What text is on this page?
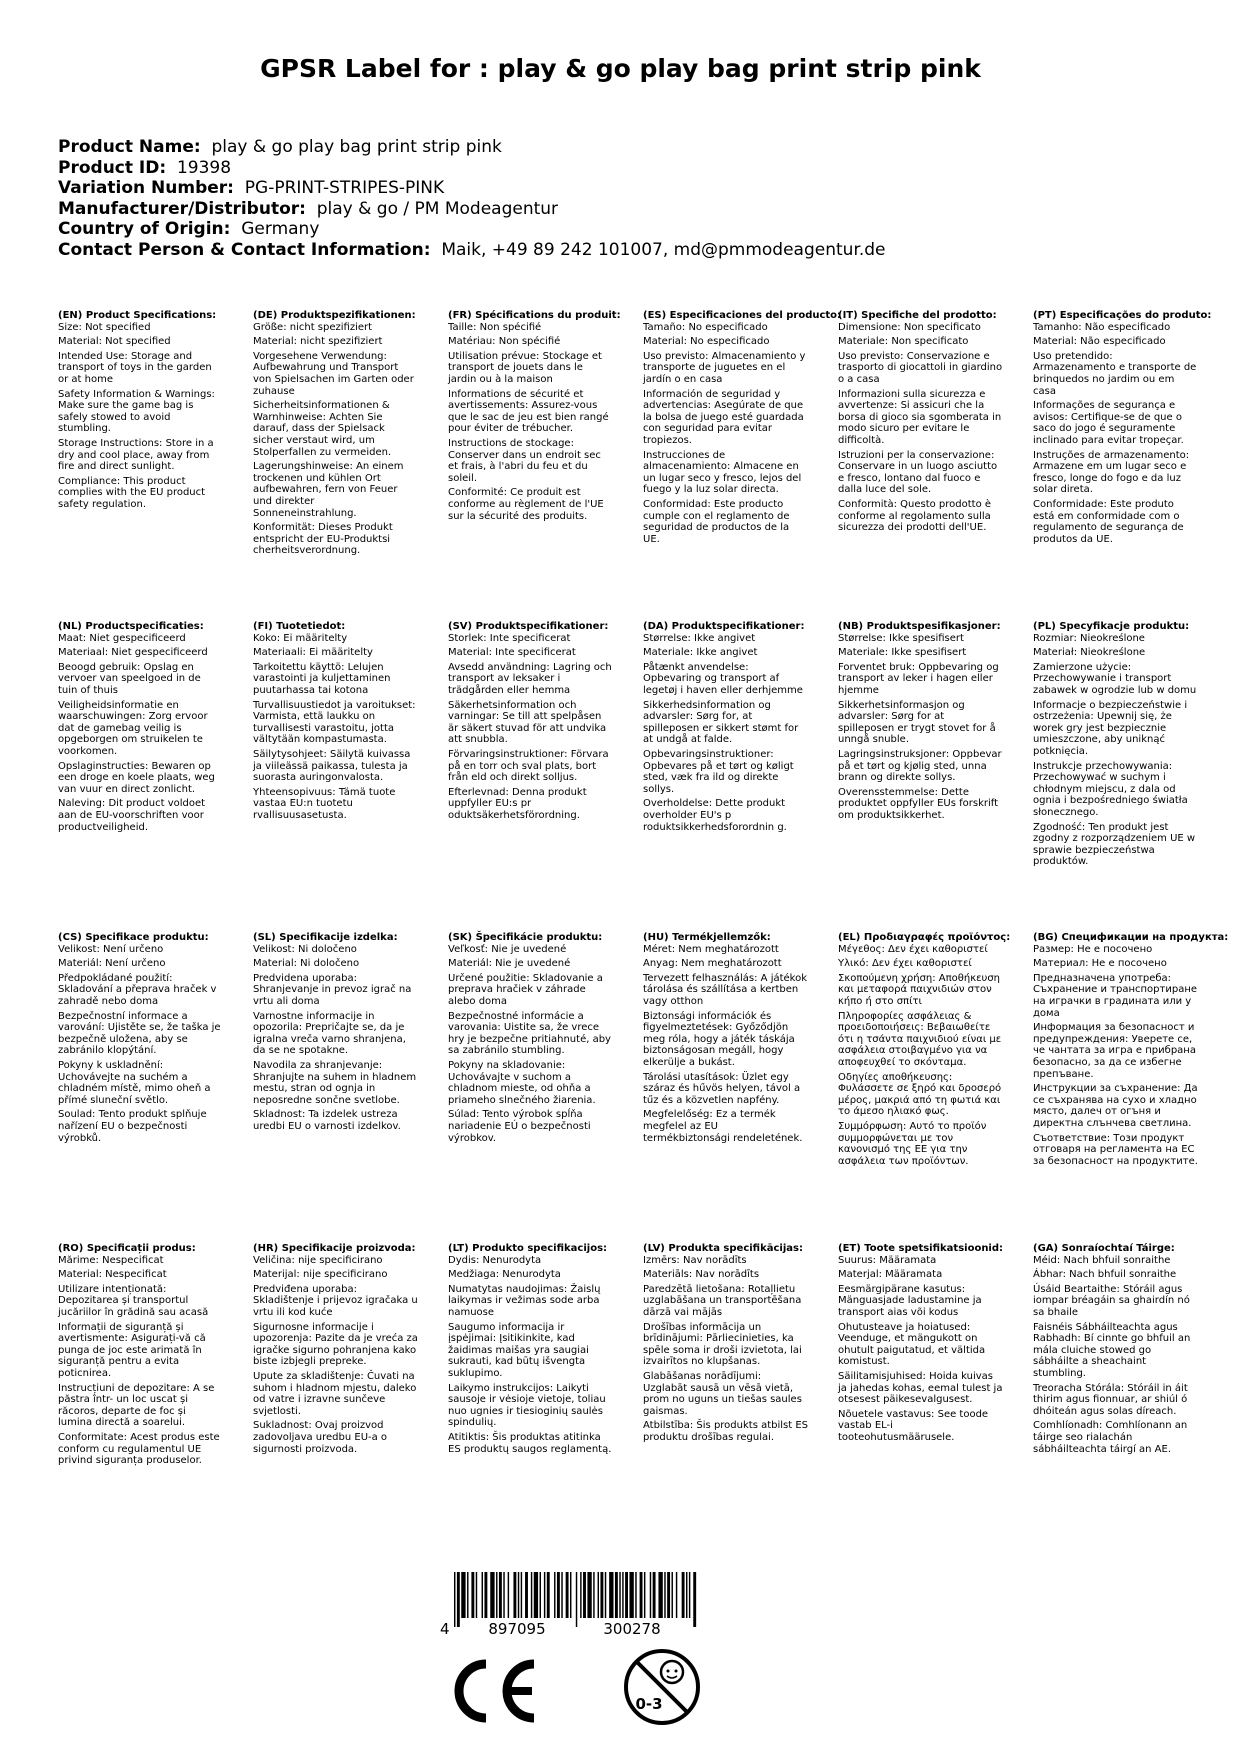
GPSR Label for : play & go play bag print strip pink
Product Name: play & go play bag print strip pink
Product ID: 19398
Variation Number: PG-PRINT-STRIPES-PINK
Manufacturer/Distributor: play & go / PM Modeagentur
Country of Origin: Germany
Contact Person & Contact Information: Maik, +49 89 242 101007, md@pmmodeagentur.de
(EN) Product Specifications:
Size: Not specified
Material: Not specified
Intended Use: Storage and transport of toys in the garden or at home
Safety Information & Warnings: Make sure the game bag is safely stowed to avoid stumbling.
Storage Instructions: Store in a dry and cool place, away from fire and direct sunlight.
Compliance: This product complies with the EU product safety regulation.
(DE) Produktspezifikationen:
Größe: nicht spezifiziert
Material: nicht spezifiziert
Vorgesehene Verwendung: Aufbewahrung und Transport von Spielsachen im Garten oder zuhause
Sicherheitsinformationen & Warnhinweise: Achten Sie darauf, dass der Spielsack sicher verstaut wird, um Stolperfallen zu vermeiden.
Lagerungshinweise: An einem trockenen und kühlen Ort aufbewahren, fern von Feuer und direkter Sonneneinstrahlung.
Konformität: Dieses Produkt entspricht der EU-Produktsi cherheitsverordnung.
(FR) Spécifications du produit:
Taille: Non spécifié
Matériau: Non spécifié
Utilisation prévue: Stockage et transport de jouets dans le jardin ou à la maison
Informations de sécurité et avertissements: Assurez-vous que le sac de jeu est bien rangé pour éviter de trébucher.
Instructions de stockage: Conserver dans un endroit sec et frais, à l'abri du feu et du soleil.
Conformité: Ce produit est conforme au règlement de l'UE sur la sécurité des produits.
(ES) Especificaciones del producto:
Tamaño: No especificado
Material: No especificado
Uso previsto: Almacenamiento y transporte de juguetes en el jardín o en casa
Información de seguridad y advertencias: Asegúrate de que la bolsa de juego esté guardada con seguridad para evitar tropiezos.
Instrucciones de almacenamiento: Almacene en un lugar seco y fresco, lejos del fuego y la luz solar directa.
Conformidad: Este producto cumple con el reglamento de seguridad de productos de la UE.
(IT) Specifiche del prodotto:
Dimensione: Non specificato
Materiale: Non specificato
Uso previsto: Conservazione e trasporto di giocattoli in giardino o a casa
Informazioni sulla sicurezza e avvertenze: Si assicuri che la borsa di gioco sia sgomberata in modo sicuro per evitare le difficoltà.
Istruzioni per la conservazione: Conservare in un luogo asciutto e fresco, lontano dal fuoco e dalla luce del sole.
Conformità: Questo prodotto è conforme al regolamento sulla sicurezza dei prodotti dell'UE.
(PT) Especificações do produto:
Tamanho: Não especificado
Material: Não especificado
Uso pretendido: Armazenamento e transporte de brinquedos no jardim ou em casa
Informações de segurança e avisos: Certifique-se de que o saco do jogo é seguramente inclinado para evitar tropeçar.
Instruções de armazenamento: Armazene em um lugar seco e fresco, longe do fogo e da luz solar direta.
Conformidade: Este produto está em conformidade com o regulamento de segurança de produtos da UE.
(NL) Productspecificaties:
Maat: Niet gespecificeerd
Materiaal: Niet gespecificeerd
Beoogd gebruik: Opslag en vervoer van speelgoed in de tuin of thuis
Veiligheidsinformatie en waarschuwingen: Zorg ervoor dat de gamebag veilig is opgeborgen om struikelen te voorkomen.
Opslaginstructies: Bewaren op een droge en koele plaats, weg van vuur en direct zonlicht.
Naleving: Dit product voldoet aan de EU-voorschriften voor productveiligheid.
(FI) Tuotetiedot:
Koko: Ei määritelty
Materiaali: Ei määritelty
Tarkoitettu käyttö: Lelujen varastointi ja kuljettaminen puutarhassa tai kotona
Turvallisuustiedot ja varoitukset: Varmista, että laukku on turvallisesti varastoitu, jotta vältytään kompastumasta.
Säilytysohjeet: Säilytä kuivassa ja viileässä paikassa, tulesta ja suorasta auringonvalosta.
Yhteensopivuus: Tämä tuote vastaa EU:n tuotetu rvallisuusasetusta.
(SV) Produktspecifikationer:
Storlek: Inte specificerat
Material: Inte specificerat
Avsedd användning: Lagring och transport av leksaker i trädgården eller hemma
Säkerhetsinformation och varningar: Se till att spelpåsen är säkert stuvad för att undvika att snubbla.
Förvaringsinstruktioner: Förvara på en torr och sval plats, bort från eld och direkt solljus.
Efterlevnad: Denna produkt uppfyller EU:s pr oduktsäkerhetsförordning.
(DA) Produktspecifikationer:
Størrelse: Ikke angivet
Materiale: Ikke angivet
Påtænkt anvendelse: Opbevaring og transport af legetøj i haven eller derhjemme
Sikkerhedsinformation og advarsler: Sørg for, at spilleposen er sikkert stømt for at undgå at falde.
Opbevaringsinstruktioner: Opbevares på et tørt og køligt sted, væk fra ild og direkte sollys.
Overholdelse: Dette produkt overholder EU's p roduktsikkerhedsforordnin g.
(NB) Produktspesifikasjoner:
Størrelse: Ikke spesifisert
Materiale: Ikke spesifisert
Forventet bruk: Oppbevaring og transport av leker i hagen eller hjemme
Sikkerhetsinformasjon og advarsler: Sørg for at spilleposen er trygt stovet for å unngå snuble.
Lagringsinstruksjoner: Oppbevar på et tørt og kjølig sted, unna brann og direkte sollys.
Overensstemmelse: Dette produktet oppfyller EUs forskrift om produktsikkerhet.
(PL) Specyfikacje produktu:
Rozmiar: Nieokreślone
Materiał: Nieokreślone
Zamierzone użycie: Przechowywanie i transport zabawek w ogrodzie lub w domu
Informacje o bezpieczeństwie i ostrzeżenia: Upewnij się, że worek gry jest bezpiecznie umieszczone, aby uniknąć potknięcia.
Instrukcje przechowywania: Przechowywać w suchym i chłodnym miejscu, z dala od ognia i bezpośredniego światła słonecznego.
Zgodność: Ten produkt jest zgodny z rozporządzeniem UE w sprawie bezpieczeństwa produktów.
(CS) Specifikace produktu:
Velikost: Není určeno
Materiál: Není určeno
Předpokládané použití: Skladování a přeprava hraček v zahradě nebo doma
Bezpečnostní informace a varování: Ujistěte se, že taška je bezpečně uložena, aby se zabránilo klopýtání.
Pokyny k uskladnění: Uchovávejte na suchém a chladném místě, mimo oheň a přímé sluneční světlo.
Soulad: Tento produkt splňuje nařízení EU o bezpečnosti výrobků.
(SL) Specifikacije izdelka:
Velikost: Ni določeno
Material: Ni določeno
Predvidena uporaba: Shranjevanje in prevoz igrač na vrtu ali doma
Varnostne informacije in opozorila: Prepričajte se, da je igralna vreča varno shranjena, da se ne spotakne.
Navodila za shranjevanje: Shranjujte na suhem in hladnem mestu, stran od ognja in neposredne sončne svetlobe.
Skladnost: Ta izdelek ustreza uredbi EU o varnosti izdelkov.
(SK) Špecifikácie produktu:
Veľkosť: Nie je uvedené
Materiál: Nie je uvedené
Určené použitie: Skladovanie a preprava hračiek v záhrade alebo doma
Bezpečnostné informácie a varovania: Uistite sa, že vrece hry je bezpečne pritiahnuté, aby sa zabránilo stumbling.
Pokyny na skladovanie: Uchovávajte v suchom a chladnom mieste, od ohňa a priameho slnečného žiarenia.
Súlad: Tento výrobok spĺňa nariadenie EÚ o bezpečnosti výrobkov.
(HU) Termékjellemzők:
Méret: Nem meghatározott
Anyag: Nem meghatározott
Tervezett felhasználás: A játékok tárolása és szállítása a kertben vagy otthon
Biztonsági információk és figyelmeztetések: Győződjön meg róla, hogy a játék táskája biztonságosan megáll, hogy elkerülje a bukást.
Tárolási utasítások: Üzlet egy száraz és hűvös helyen, távol a tűz és a közvetlen napfény.
Megfelelőség: Ez a termék megfelel az EU termékbiztonsági rendeletének.
(EL) Προδιαγραφές προϊόντος:
Μέγεθος: Δεν έχει καθοριστεί
Υλικό: Δεν έχει καθοριστεί
Σκοπούμενη χρήση: Αποθήκευση και μεταφορά παιχνιδιών στον κήπο ή στο σπίτι
Πληροφορίες ασφάλειας & προειδοποιήσεις: Βεβαιωθείτε ότι η τσάντα παιχνιδιού είναι με ασφάλεια στοιβαγμένο για να αποφευχθεί το σκόνταμα.
Οδηγίες αποθήκευσης: Φυλάσσετε σε ξηρό και δροσερό μέρος, μακριά από τη φωτιά και το άμεσο ηλιακό φως.
Συμμόρφωση: Αυτό το προϊόν συμμορφώνεται με τον κανονισμό της ΕΕ για την ασφάλεια των προϊόντων.
(BG) Спецификации на продукта:
Размер: Не е посочено
Материал: Не е посочено
Предназначена употреба: Съхранение и транспортиране на играчки в градината или у дома
Информация за безопасност и предупреждения: Уверете се, че чантата за игра е прибрана безопасно, за да се избегне препъване.
Инструкции за съхранение: Да се съхранява на сухо и хладно място, далеч от огъня и директна слънчева светлина.
Съответствие: Този продукт отговаря на регламента на ЕС за безопасност на продуктите.
(RO) Specificații produs:
Mărime: Nespecificat
Material: Nespecificat
Utilizare intenționată: Depozitarea și transportul jucăriilor în grădină sau acasă
Informații de siguranță și avertismente: Asigurați-vă că punga de joc este arimată în siguranță pentru a evita poticnirea.
Instrucțiuni de depozitare: A se păstra într- un loc uscat și răcoros, departe de foc și lumina directă a soarelui.
Conformitate: Acest produs este conform cu regulamentul UE privind siguranța produselor.
(HR) Specifikacije proizvoda:
Veličina: nije specificirano
Materijal: nije specificirano
Predviđena uporaba: Skladištenje i prijevoz igračaka u vrtu ili kod kuće
Sigurnosne informacije i upozorenja: Pazite da je vreća za igračke sigurno pohranjena kako biste izbjegli prepreke.
Upute za skladištenje: Čuvati na suhom i hladnom mjestu, daleko od vatre i izravne sunčeve svjetlosti.
Sukladnost: Ovaj proizvod zadovoljava uredbu EU-a o sigurnosti proizvoda.
(LT) Produkto specifikacijos:
Dydis: Nenurodyta
Medžiaga: Nenurodyta
Numatytas naudojimas: Žaislų laikymas ir vežimas sode arba namuose
Saugumo informacija ir įspėjimai: Įsitikinkite, kad žaidimas maišas yra saugiai sukrauti, kad būtų išvengta suklupimo.
Laikymo instrukcijos: Laikyti sausoje ir vėsioje vietoje, toliau nuo ugnies ir tiesioginių saulės spindulių.
Atitiktis: Šis produktas atitinka ES produktų saugos reglamentą.
(LV) Produkta specifikācijas:
Izmērs: Nav norādīts
Materiāls: Nav norādīts
Paredzētā lietošana: Rotaļlietu uzglabāšana un transportēšana dārzā vai mājās
Drošības informācija un brīdinājumi: Pārliecinieties, ka spēle soma ir droši izvietota, lai izvairītos no klupšanas.
Glabāšanas norādījumi: Uzglabāt sausā un vēsā vietā, prom no uguns un tiešas saules gaismas.
Atbilstība: Šis produkts atbilst ES produktu drošības regulai.
(ET) Toote spetsifikatsioonid:
Suurus: Määramata
Materjal: Määramata
Eesmärgipärane kasutus: Mänguasjade ladustamine ja transport aias või kodus
Ohutusteave ja hoiatused: Veenduge, et mängukott on ohutult paigutatud, et vältida komistust.
Säilitamisjuhised: Hoida kuivas ja jahedas kohas, eemal tulest ja otsesest päikesevalgusest.
Nõuetele vastavus: See toode vastab EL-i tooteohutusmäärusele.
(GA) Sonraíochtaí Táirge:
Méid: Nach bhfuil sonraithe
Ábhar: Nach bhfuil sonraithe
Úsáid Beartaithe: Stóráil agus iompar bréagáin sa ghairdín nó sa bhaile
Faisnéis Sábháilteachta agus Rabhadh: Bí cinnte go bhfuil an mála cluiche stowed go sábháilte a sheachaint stumbling.
Treoracha Stórála: Stóráil in áit thirim agus fionnuar, ar shiúl ó dhóiteán agus solas díreach.
Comhlíonadh: Comhlíonann an táirge seo rialachán sábháilteachta táirgí an AE.
4	897095	300278
0-3
